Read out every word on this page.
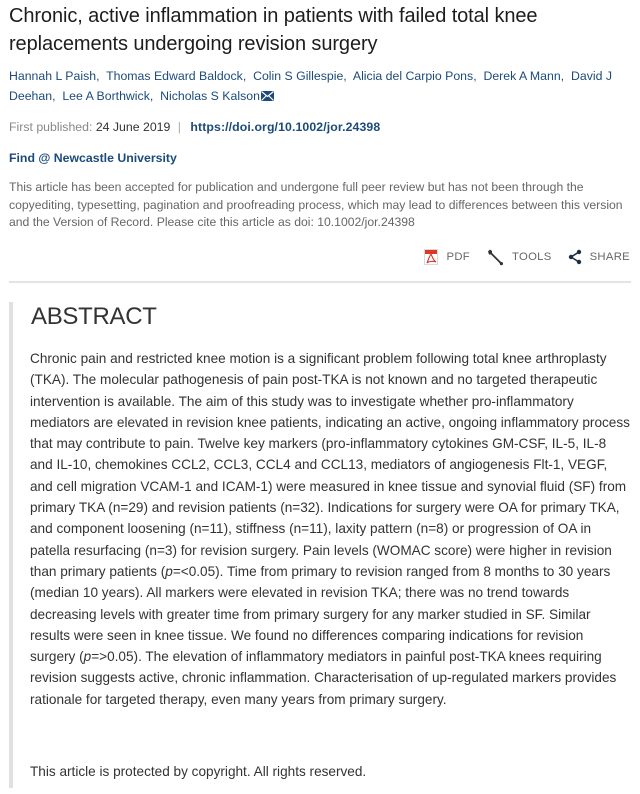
Chronic, active inflammation in patients with failed total knee replacements undergoing revision surgery
Hannah L Paish, Thomas Edward Baldock, Colin S Gillespie, Alicia del Carpio Pons, Derek A Mann, David J Deehan, Lee A Borthwick, Nicholas S Kalson
First published: 24 June 2019 | https://doi.org/10.1002/jor.24398
Find @ Newcastle University

This article has been accepted for publication and undergone full peer review but has not been through the copyediting, typesetting, pagination and proofreading process, which may lead to differences between this version and the Version of Record. Please cite this article as doi: 10.1002/jor.24398

PDF	TOOLS	SHARE
ABSTRACT

Chronic pain and restricted knee motion is a significant problem following total knee arthroplasty (TKA). The molecular pathogenesis of pain post-TKA is not known and no targeted therapeutic intervention is available. The aim of this study was to investigate whether pro-inflammatory mediators are elevated in revision knee patients, indicating an active, ongoing inflammatory process that may contribute to pain. Twelve key markers (pro-inflammatory cytokines GM-CSF, IL-5, IL-8 and IL-10, chemokines CCL2, CCL3, CCL4 and CCL13, mediators of angiogenesis Flt-1, VEGF, and cell migration VCAM-1 and ICAM-1) were measured in knee tissue and synovial fluid (SF) from primary TKA (n=29) and revision patients (n=32). Indications for surgery were OA for primary TKA, and component loosening (n=11), stiffness (n=11), laxity pattern (n=8) or progression of OA in patella resurfacing (n=3) for revision surgery. Pain levels (WOMAC score) were higher in revision than primary patients (p=<0.05). Time from primary to revision ranged from 8 months to 30 years (median 10 years). All markers were elevated in revision TKA; there was no trend towards decreasing levels with greater time from primary surgery for any marker studied in SF. Similar results were seen in knee tissue. We found no differences comparing indications for revision surgery (p=>0.05). The elevation of inflammatory mediators in painful post-TKA knees requiring revision suggests active, chronic inflammation. Characterisation of up-regulated markers provides rationale for targeted therapy, even many years from primary surgery.

This article is protected by copyright. All rights reserved.
